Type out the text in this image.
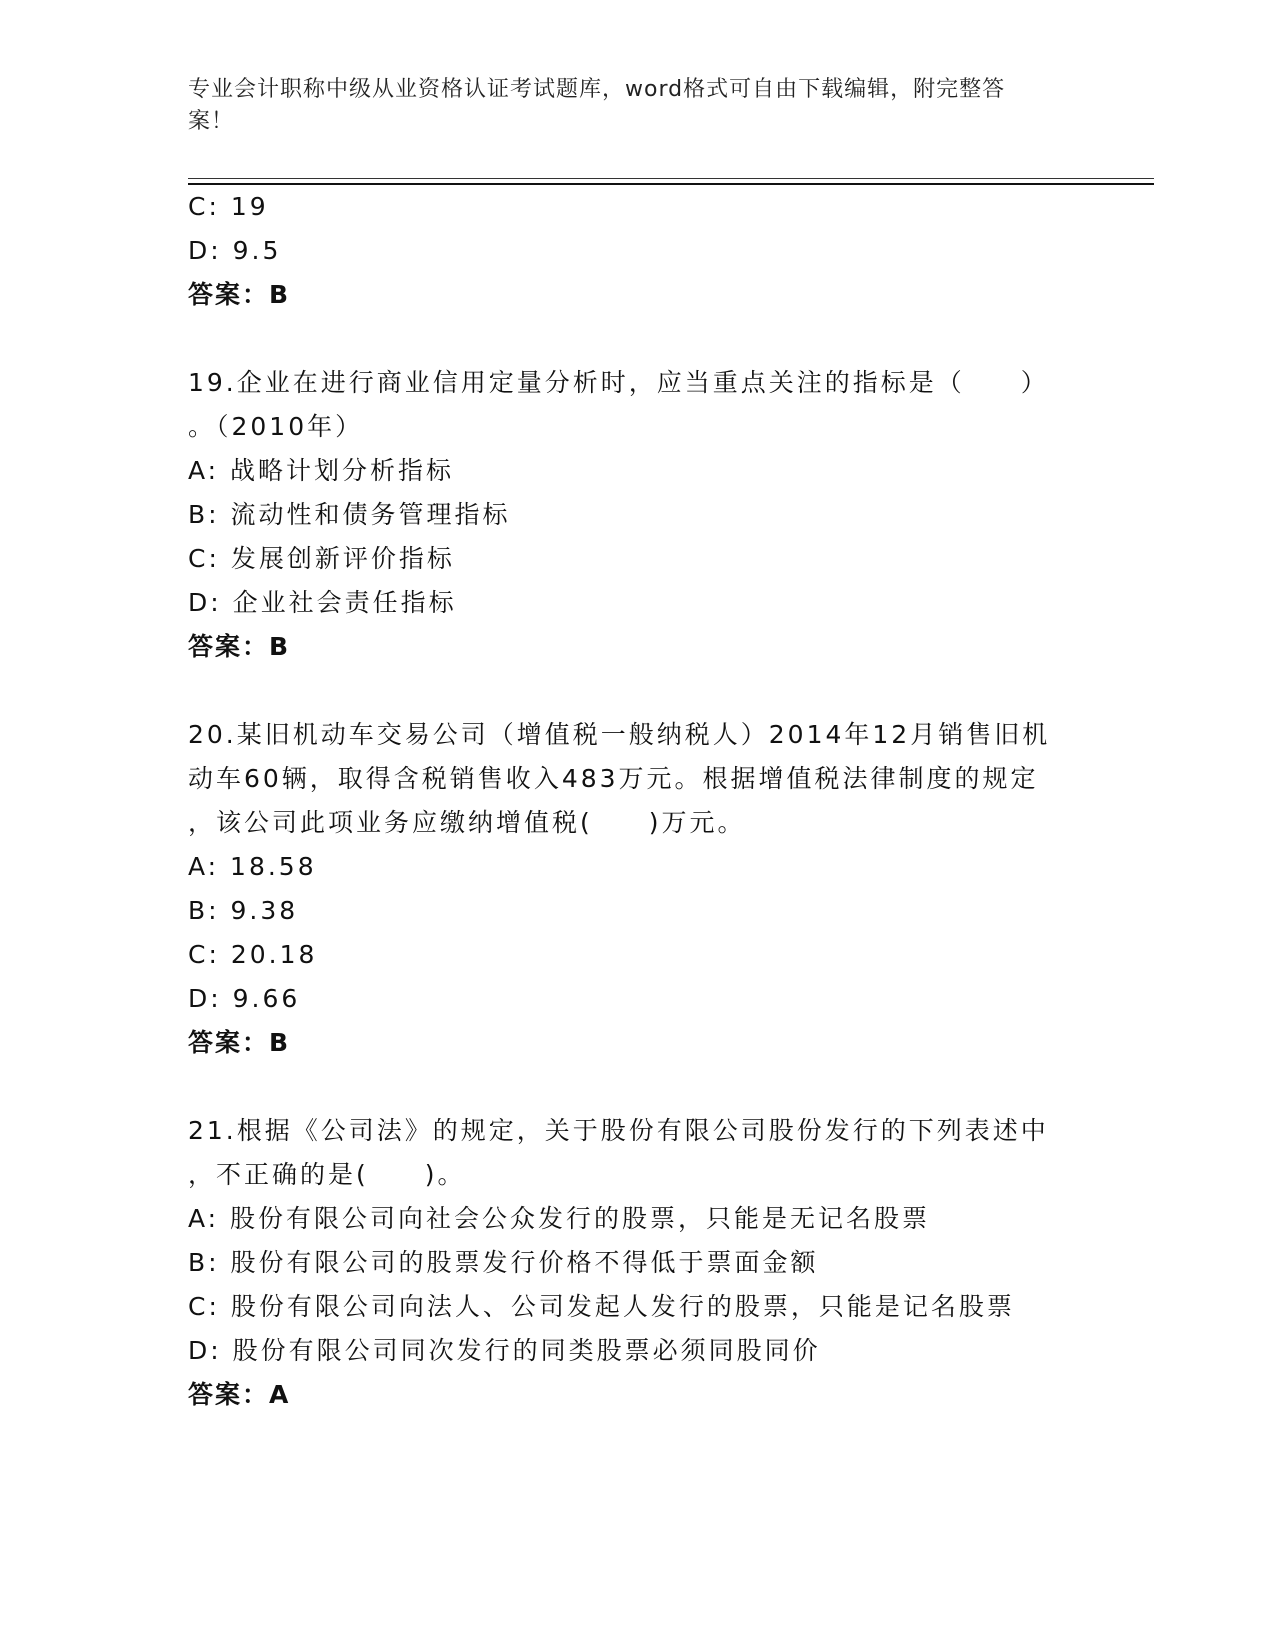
专业会计职称中级从业资格认证考试题库，word格式可自由下载编辑，附完整答
案！
C: 19
D: 9.5
答案：B
19.企业在进行商业信用定量分析时，应当重点关注的指标是（　　）
。（2010年）
A: 战略计划分析指标
B: 流动性和债务管理指标
C: 发展创新评价指标
D: 企业社会责任指标
答案：B
20.某旧机动车交易公司（增值税一般纳税人）2014年12月销售旧机
动车60辆，取得含税销售收入483万元。根据增值税法律制度的规定
，该公司此项业务应缴纳增值税(　　)万元。
A: 18.58
B: 9.38
C: 20.18
D: 9.66
答案：B
21.根据《公司法》的规定，关于股份有限公司股份发行的下列表述中
，不正确的是(　　)。
A: 股份有限公司向社会公众发行的股票，只能是无记名股票
B: 股份有限公司的股票发行价格不得低于票面金额
C: 股份有限公司向法人、公司发起人发行的股票，只能是记名股票
D: 股份有限公司同次发行的同类股票必须同股同价
答案：A
